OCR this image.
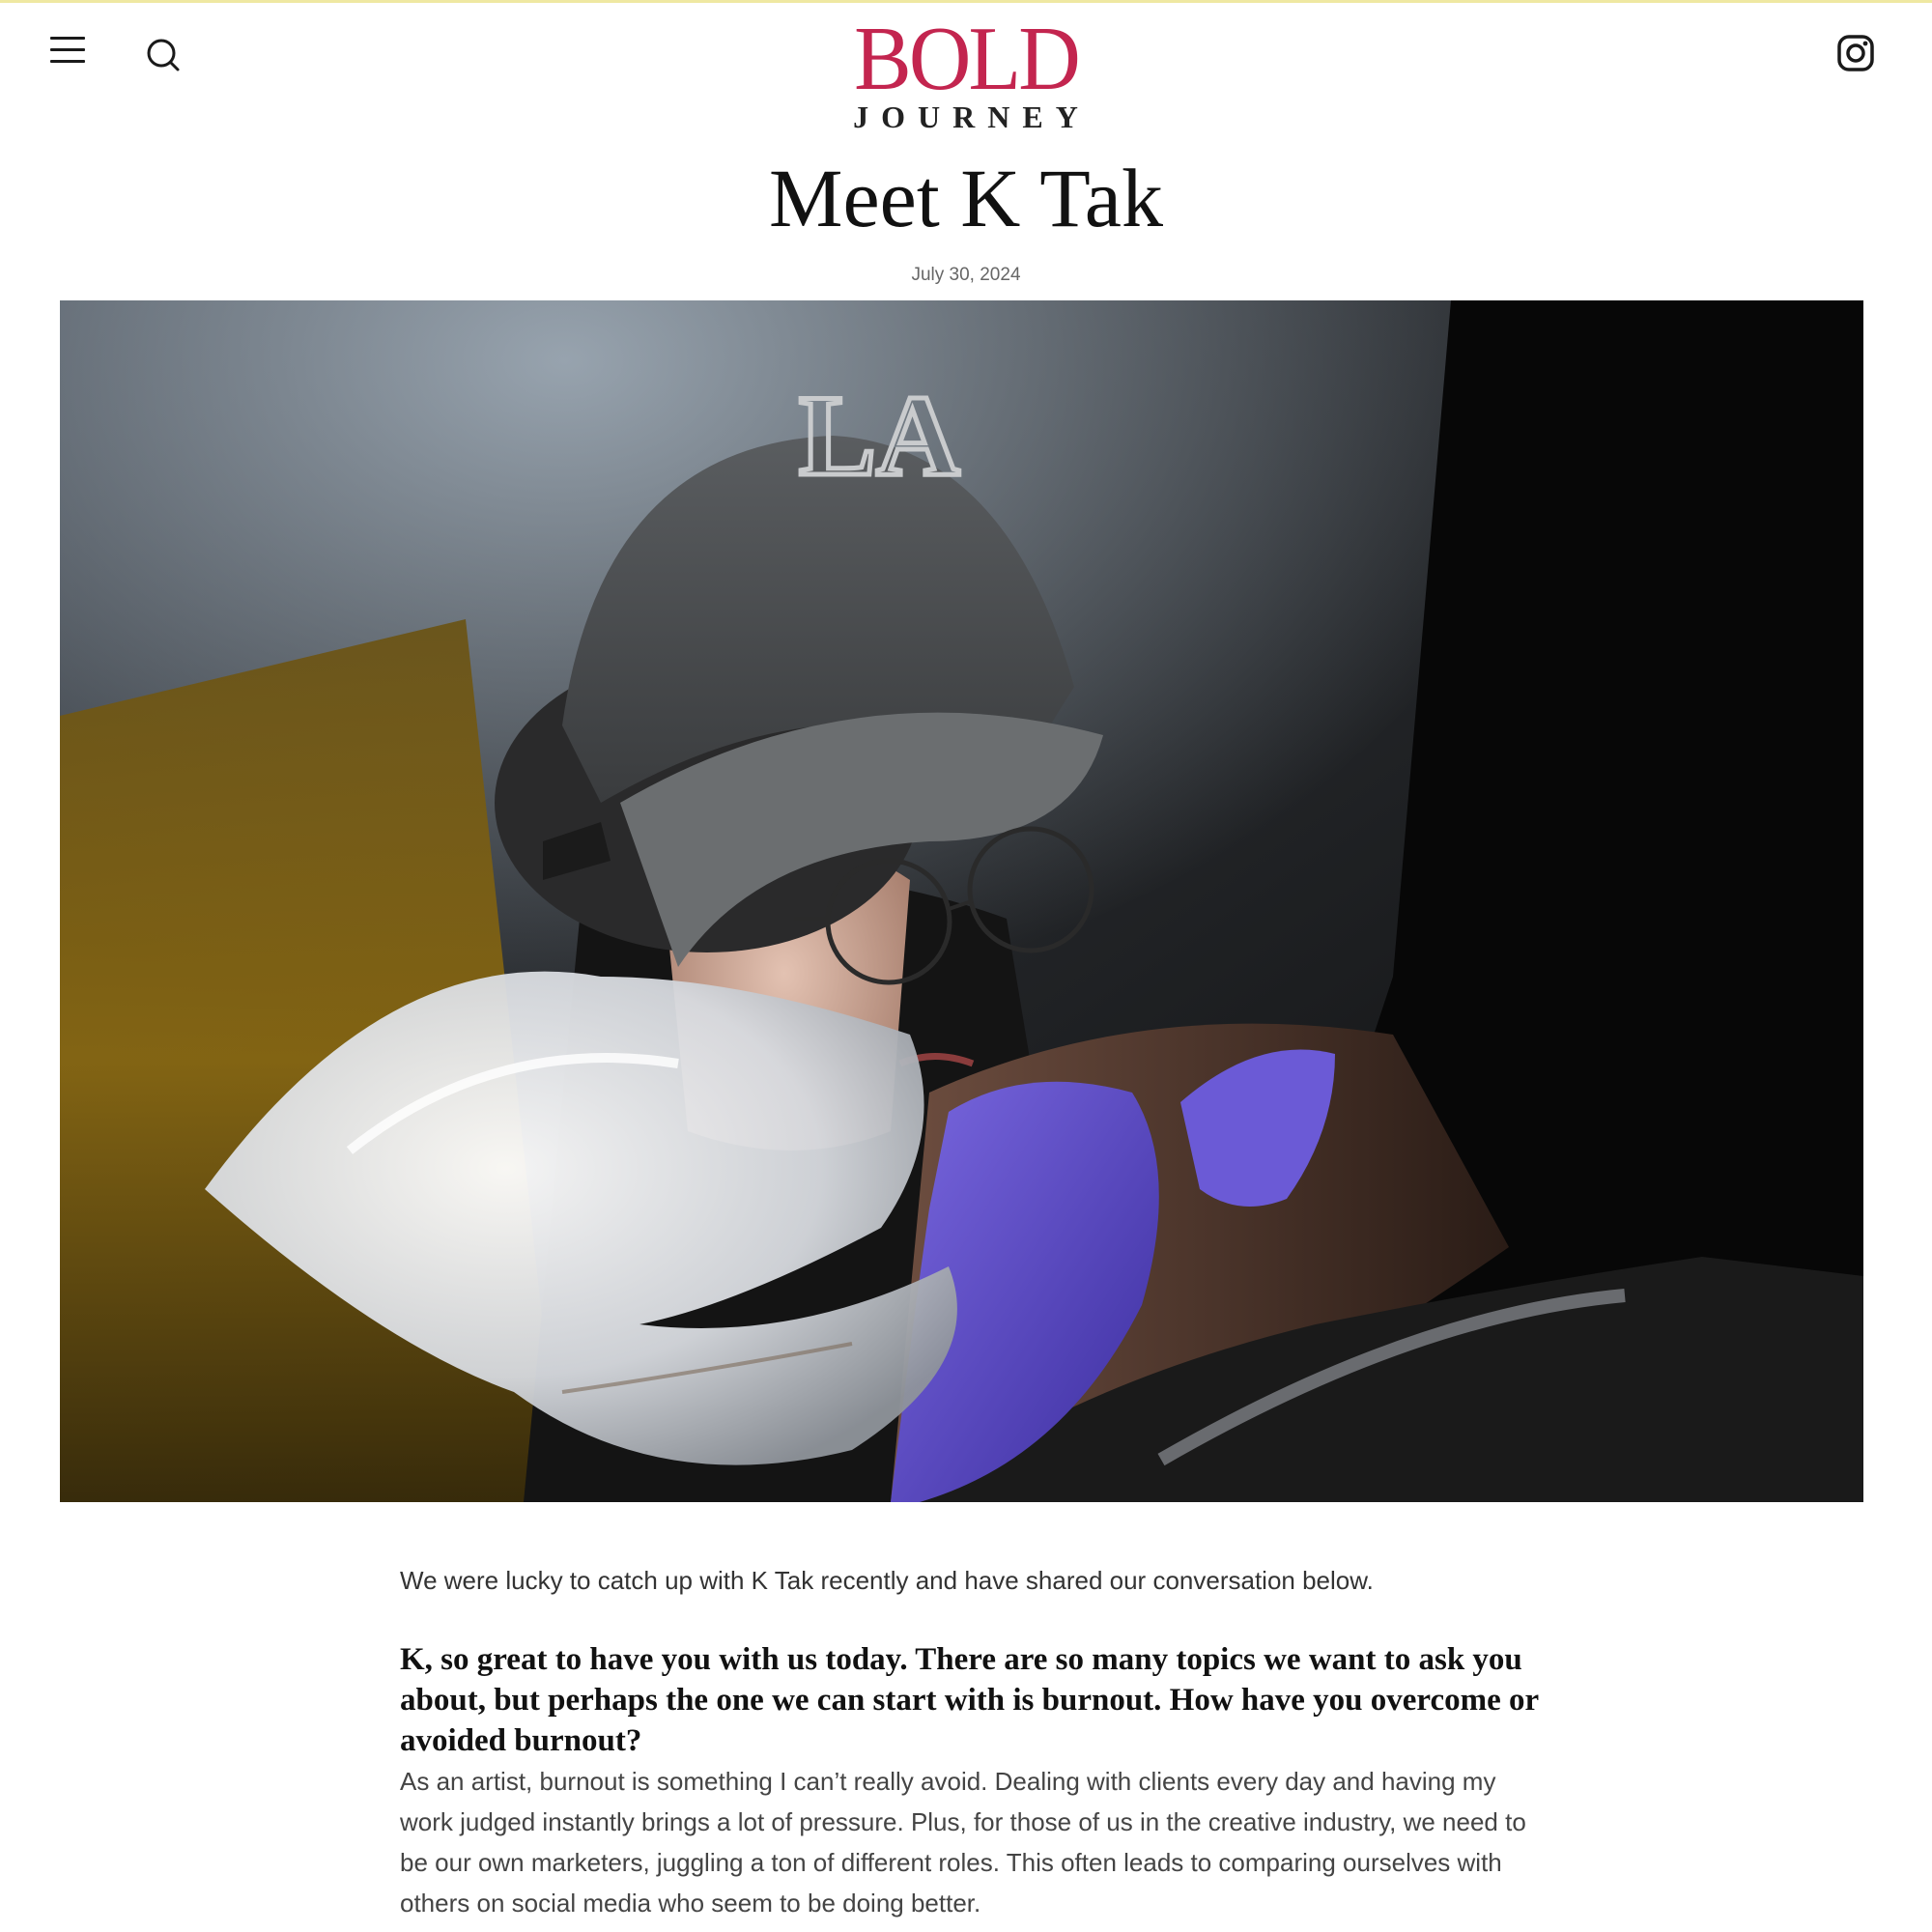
BOLD
JOURNEY
Meet K Tak
July 30, 2024
LA

We were lucky to catch up with K Tak recently and have shared our conversation below.

K, so great to have you with us today. There are so many topics we want to ask you about, but perhaps the one we can start with is burnout. How have you overcome or avoided burnout?

As an artist, burnout is something I can’t really avoid. Dealing with clients every day and having my work judged instantly brings a lot of pressure. Plus, for those of us in the creative industry, we need to be our own marketers, juggling a ton of different roles. This often leads to comparing ourselves with others on social media who seem to be doing better.
